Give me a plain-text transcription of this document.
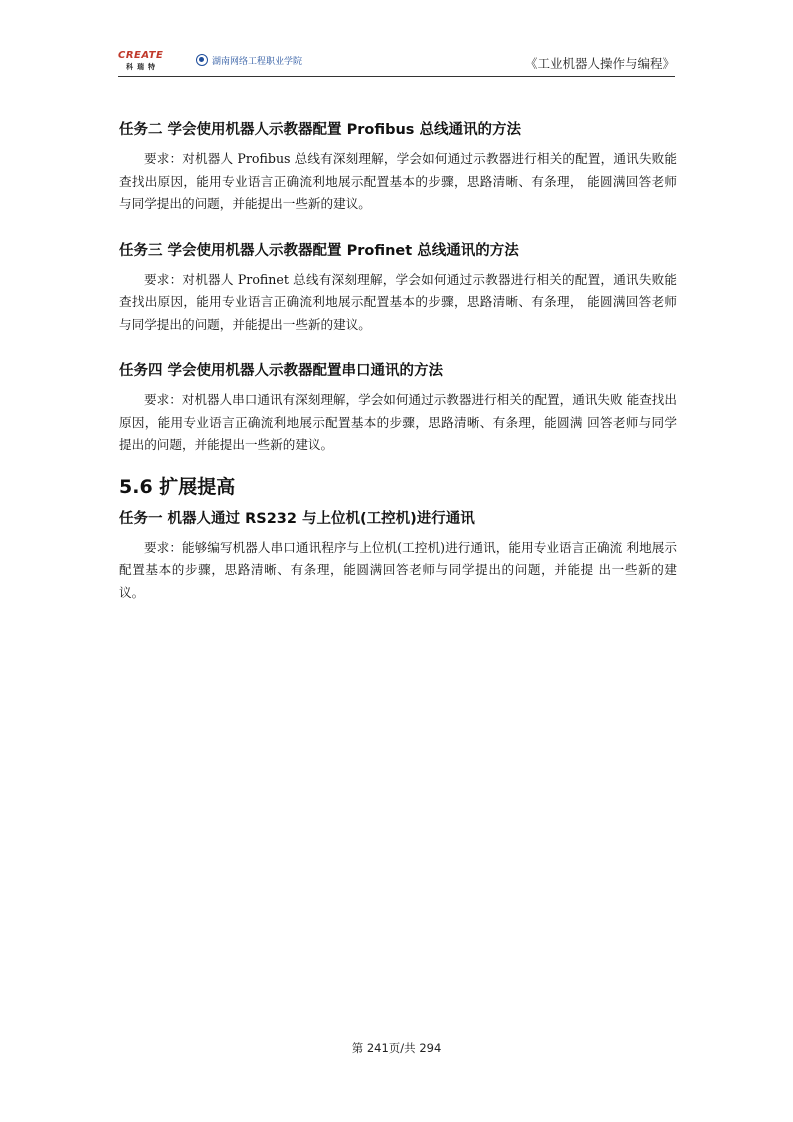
CREATE
科瑞特
湖南网络工程职业学院	《工业机器人操作与编程》

任务二 学会使用机器人示教器配置 Profibus 总线通讯的方法

要求：对机器人 Profibus 总线有深刻理解，学会如何通过示教器进行相关的配置，通讯失败能查找出原因，能用专业语言正确流利地展示配置基本的步骤，思路清晰、有条理， 能圆满回答老师与同学提出的问题，并能提出一些新的建议。

任务三 学会使用机器人示教器配置 Profinet 总线通讯的方法

要求：对机器人 Profinet 总线有深刻理解，学会如何通过示教器进行相关的配置，通讯失败能查找出原因，能用专业语言正确流利地展示配置基本的步骤，思路清晰、有条理， 能圆满回答老师与同学提出的问题，并能提出一些新的建议。

任务四 学会使用机器人示教器配置串口通讯的方法

要求：对机器人串口通讯有深刻理解，学会如何通过示教器进行相关的配置，通讯失败 能查找出原因，能用专业语言正确流利地展示配置基本的步骤，思路清晰、有条理，能圆满 回答老师与同学提出的问题，并能提出一些新的建议。

5.6 扩展提高

任务一 机器人通过 RS232 与上位机(工控机)进行通讯

要求：能够编写机器人串口通讯程序与上位机(工控机)进行通讯，能用专业语言正确流 利地展示配置基本的步骤，思路清晰、有条理，能圆满回答老师与同学提出的问题，并能提 出一些新的建议。

第 241页/共 294
